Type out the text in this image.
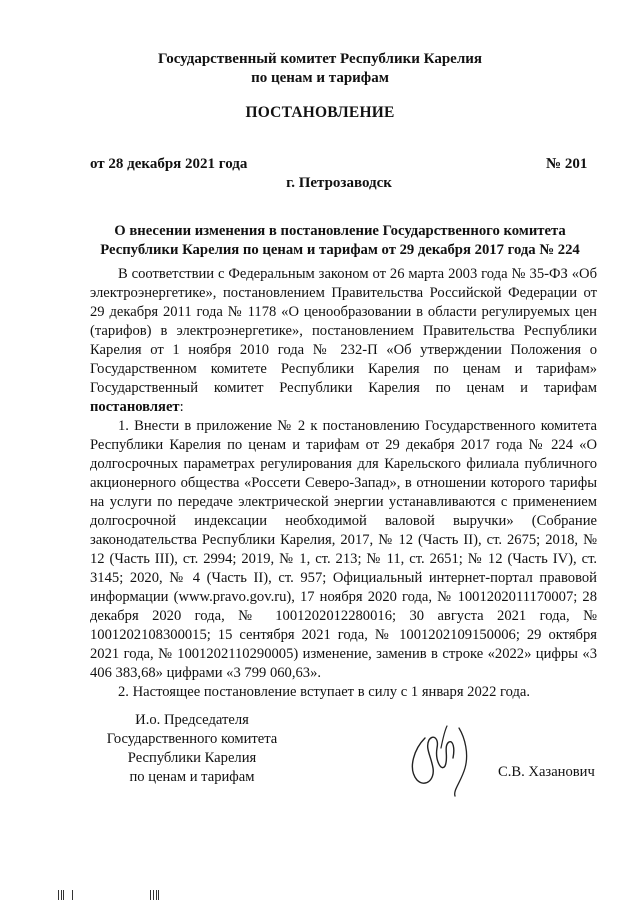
Государственный комитет Республики Карелия
по ценам и тарифам
ПОСТАНОВЛЕНИЕ
от 28 декабря 2021 года	№ 201
г. Петрозаводск
О внесении изменения в постановление Государственного комитета
Республики Карелия по ценам и тарифам от 29 декабря 2017 года № 224

В соответствии с Федеральным законом от 26 марта 2003 года № 35-ФЗ «Об электроэнергетике», постановлением Правительства Российской Федерации от 29 декабря 2011 года № 1178 «О ценообразовании в области регулируемых цен (тарифов) в электроэнергетике», постановлением Правительства Республики Карелия от 1 ноября 2010 года № 232-П «Об утверждении Положения о Государственном комитете Республики Карелия по ценам и тарифам» Государственный комитет Республики Карелия по ценам и тарифам постановляет:

1. Внести в приложение № 2 к постановлению Государственного комитета Республики Карелия по ценам и тарифам от 29 декабря 2017 года № 224 «О долгосрочных параметрах регулирования для Карельского филиала публичного акционерного общества «Россети Северо-Запад», в отношении которого тарифы на услуги по передаче электрической энергии устанавливаются с применением долгосрочной индексации необходимой валовой выручки» (Собрание законодательства Республики Карелия, 2017, № 12 (Часть II), ст. 2675; 2018, № 12 (Часть III), ст. 2994; 2019, № 1, ст. 213; № 11, ст. 2651; № 12 (Часть IV), ст. 3145; 2020, № 4 (Часть II), ст. 957; Официальный интернет-портал правовой информации (www.pravo.gov.ru), 17 ноября 2020 года, № 1001202011170007; 28 декабря 2020 года, № 1001202012280016; 30 августа 2021 года, № 1001202108300015; 15 сентября 2021 года, № 1001202109150006; 29 октября 2021 года, № 1001202110290005) изменение, заменив в строке «2022» цифры «3 406 383,68» цифрами «3 799 060,63».

2. Настоящее постановление вступает в силу с 1 января 2022 года.

И.о. Председателя
Государственного комитета
Республики Карелия
по ценам и тарифам	С.В. Хазанович
